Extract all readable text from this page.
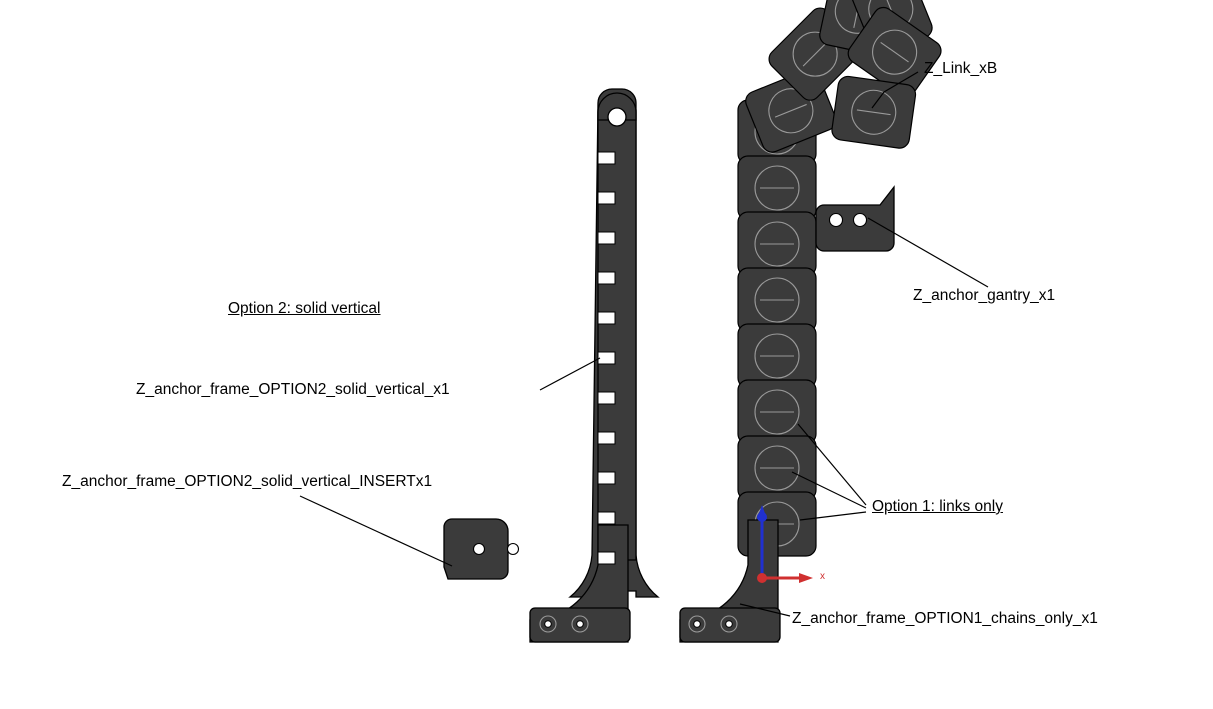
Option 2: solid vertical
Z_anchor_frame_OPTION2_solid_vertical_x1
Z_anchor_frame_OPTION2_solid_vertical_INSERTx1
Z_Link_xB
Z_anchor_gantry_x1
Option 1: links only
Z_anchor_frame_OPTION1_chains_only_x1
x
